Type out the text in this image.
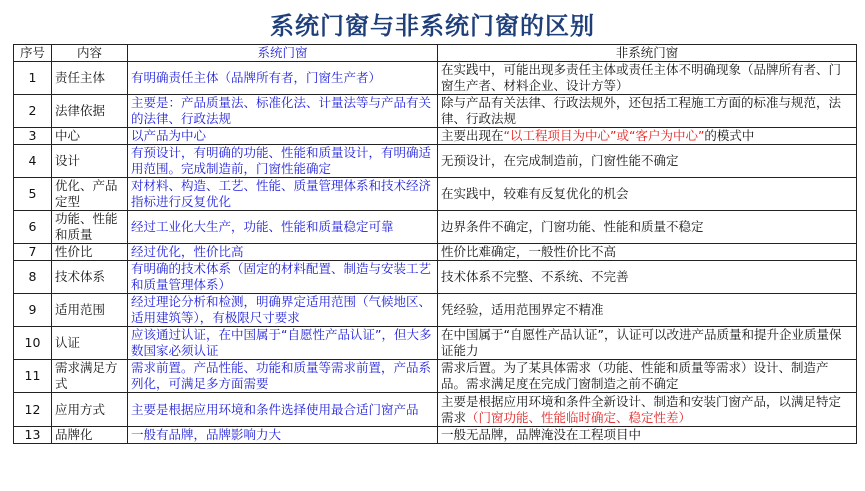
系统门窗与非系统门窗的区别
序号	内容	系统门窗	非系统门窗
1	责任主体	有明确责任主体（品牌所有者，门窗生产者）	在实践中，可能出现多责任主体或责任主体不明确现象（品牌所有者、门窗生产者、材料企业、设计方等）
2	法律依据	主要是：产品质量法、标准化法、计量法等与产品有关的法律、行政法规	除与产品有关法律、行政法规外，还包括工程施工方面的标准与规范，法律、行政法规
3	中心	以产品为中心	主要出现在“以工程项目为中心”或“客户为中心”的模式中
4	设计	有预设计，有明确的功能、性能和质量设计，有明确适用范围。完成制造前，门窗性能确定	无预设计，在完成制造前，门窗性能不确定
5	优化、产品定型	对材料、构造、工艺、性能、质量管理体系和技术经济指标进行反复优化	在实践中，较难有反复优化的机会
6	功能、性能和质量	经过工业化大生产，功能、性能和质量稳定可靠	边界条件不确定，门窗功能、性能和质量不稳定
7	性价比	经过优化，性价比高	性价比难确定，一般性价比不高
8	技术体系	有明确的技术体系（固定的材料配置、制造与安装工艺和质量管理体系）	技术体系不完整、不系统、不完善
9	适用范围	经过理论分析和检测，明确界定适用范围（气候地区、适用建筑等），有极限尺寸要求	凭经验，适用范围界定不精准
10	认证	应该通过认证，在中国属于“自愿性产品认证”，但大多数国家必须认证	在中国属于“自愿性产品认证”，认证可以改进产品质量和提升企业质量保证能力
11	需求满足方式	需求前置。产品性能、功能和质量等需求前置，产品系列化，可满足多方面需要	需求后置。为了某具体需求（功能、性能和质量等需求）设计、制造产品。需求满足度在完成门窗制造之前不确定
12	应用方式	主要是根据应用环境和条件选择使用最合适门窗产品	主要是根据应用环境和条件全新设计、制造和安装门窗产品，以满足特定需求（门窗功能、性能临时确定、稳定性差）
13	品牌化	一般有品牌，品牌影响力大	一般无品牌，品牌淹没在工程项目中
